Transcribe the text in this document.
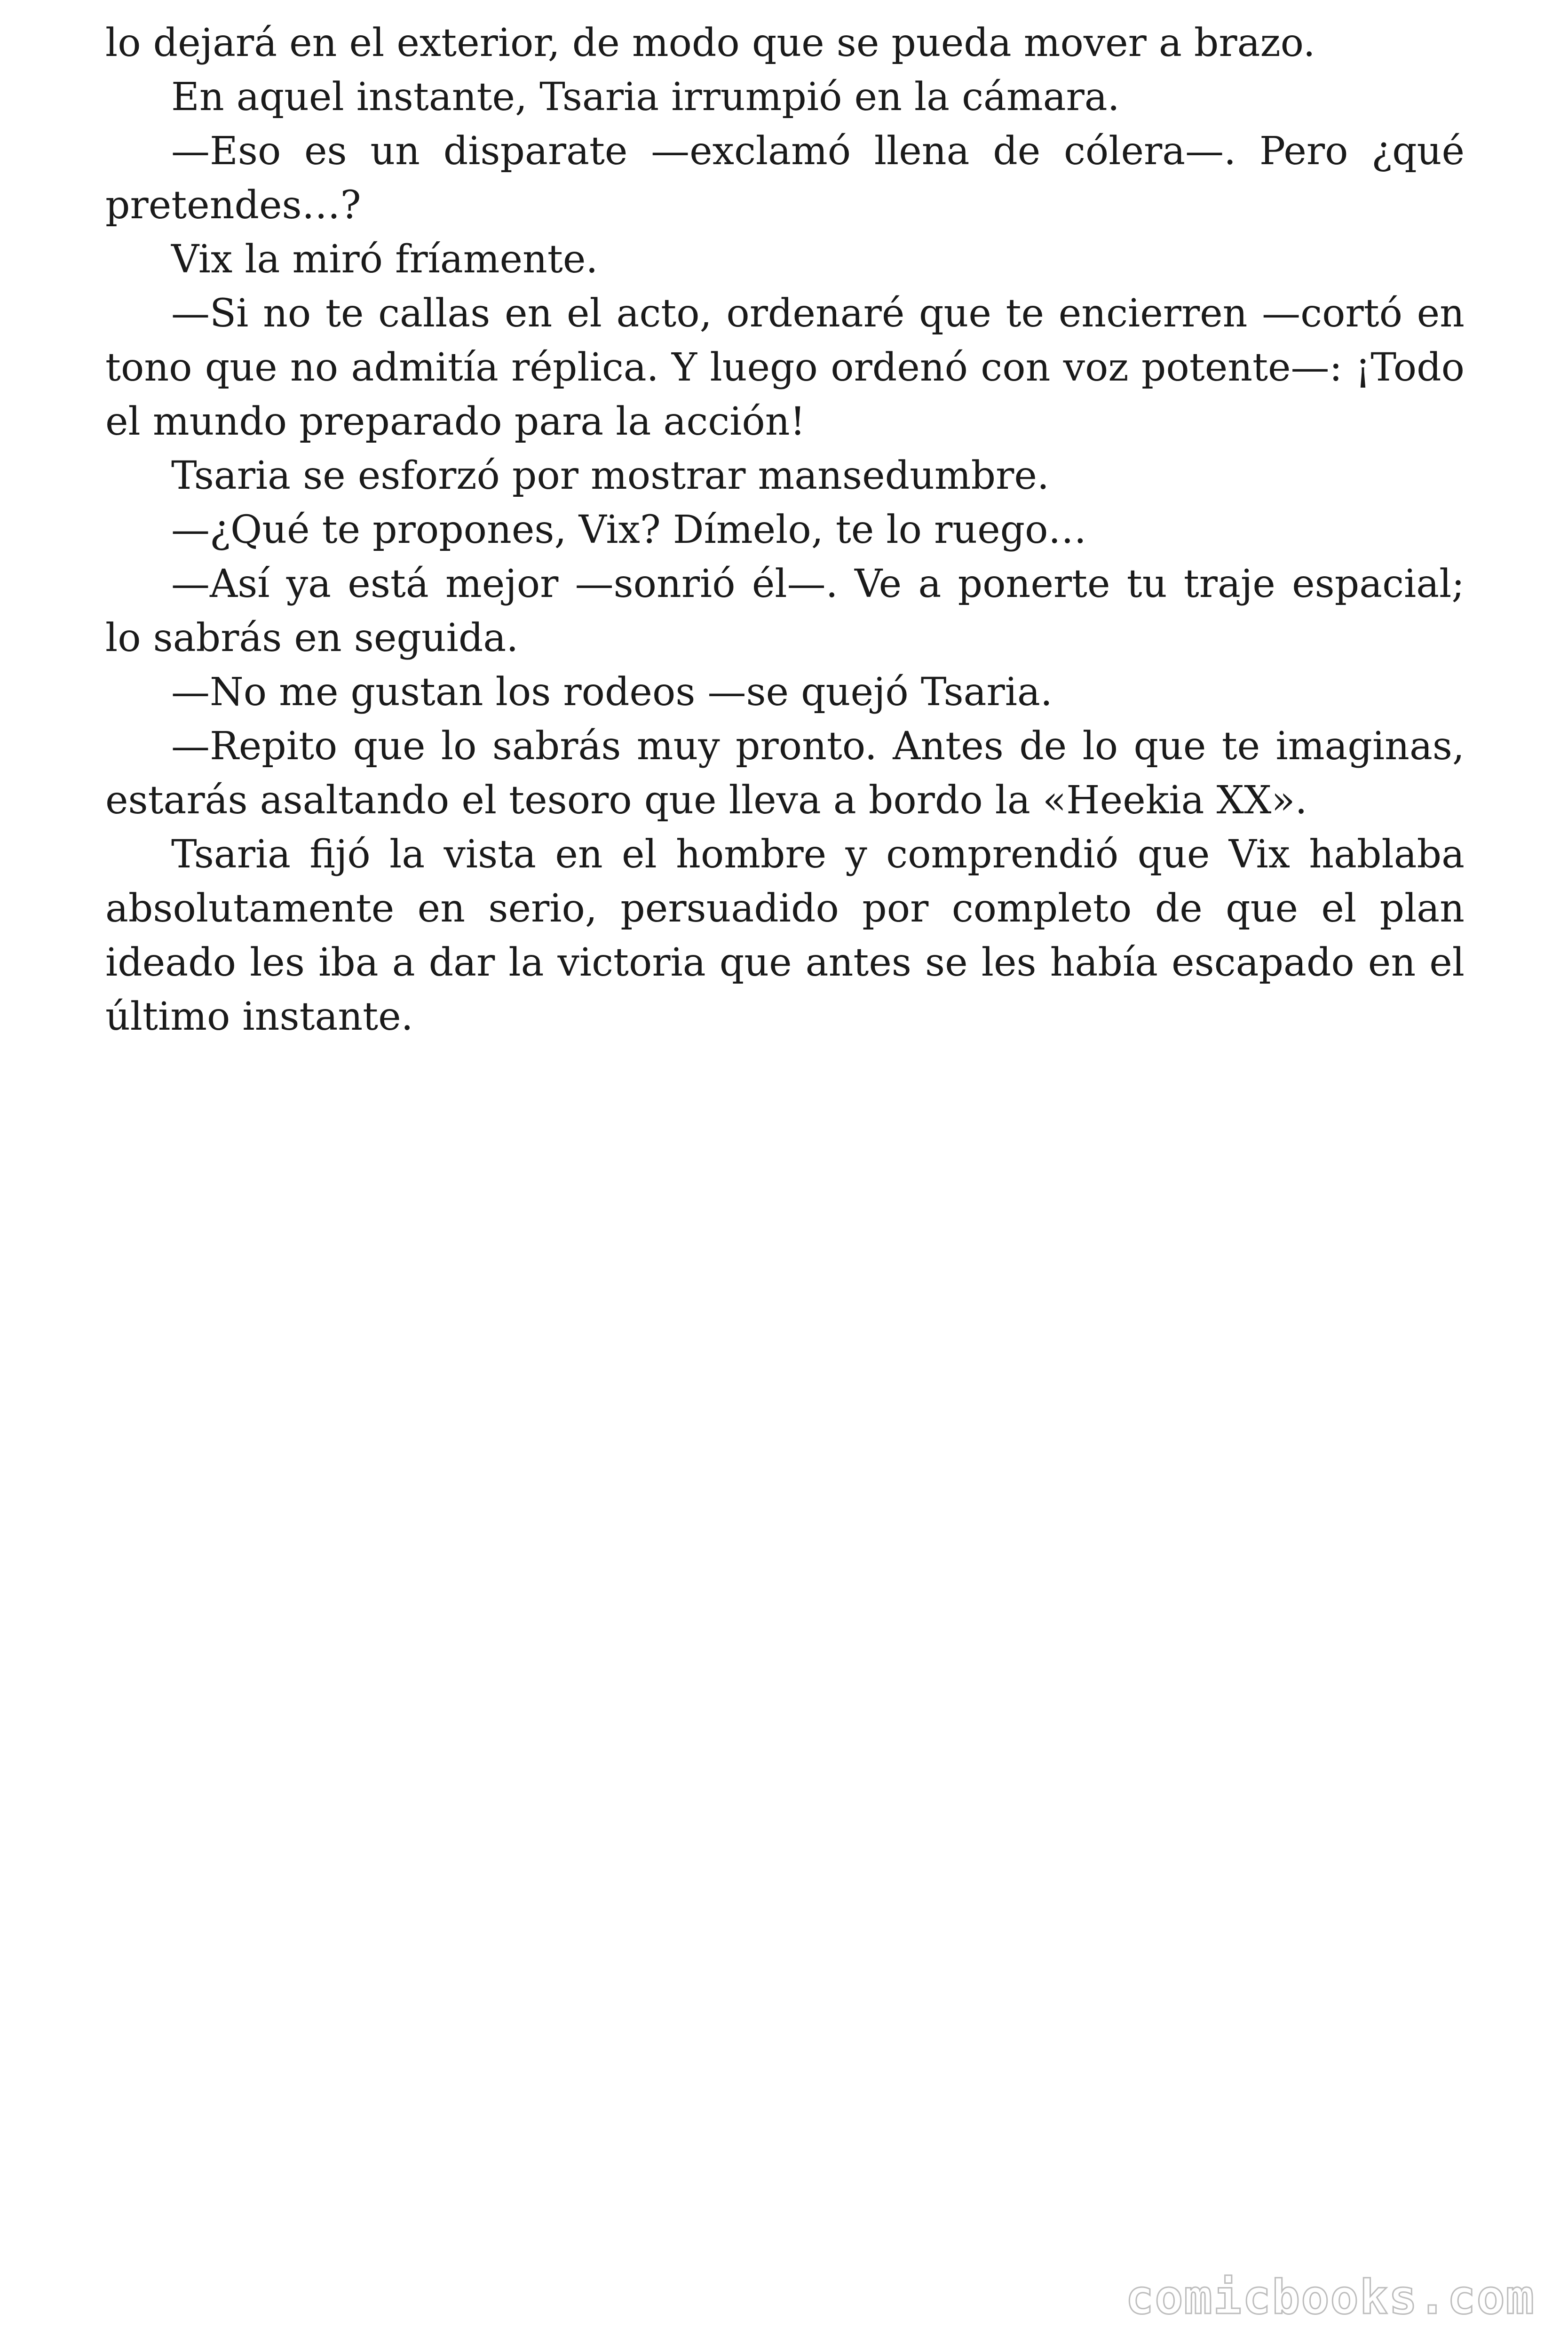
lo dejará en el exterior, de modo que se pueda mover a brazo.

En aquel instante, Tsaria irrumpió en la cámara.

—Eso es un disparate —exclamó llena de cólera—. Pero ¿qué pretendes…?

Vix la miró fríamente.

—Si no te callas en el acto, ordenaré que te encierren —cortó en tono que no admitía réplica. Y luego ordenó con voz potente—: ¡Todo el mundo preparado para la acción!

Tsaria se esforzó por mostrar mansedumbre.

—¿Qué te propones, Vix? Dímelo, te lo ruego…

—Así ya está mejor —sonrió él—. Ve a ponerte tu traje espacial; lo sabrás en seguida.

—No me gustan los rodeos —se quejó Tsaria.

—Repito que lo sabrás muy pronto. Antes de lo que te imaginas, estarás asaltando el tesoro que lleva a bordo la «Heekia XX».

Tsaria fijó la vista en el hombre y comprendió que Vix hablaba absolutamente en serio, persuadido por completo de que el plan ideado les iba a dar la victoria que antes se les había escapado en el último instante.

comicbooks.com
